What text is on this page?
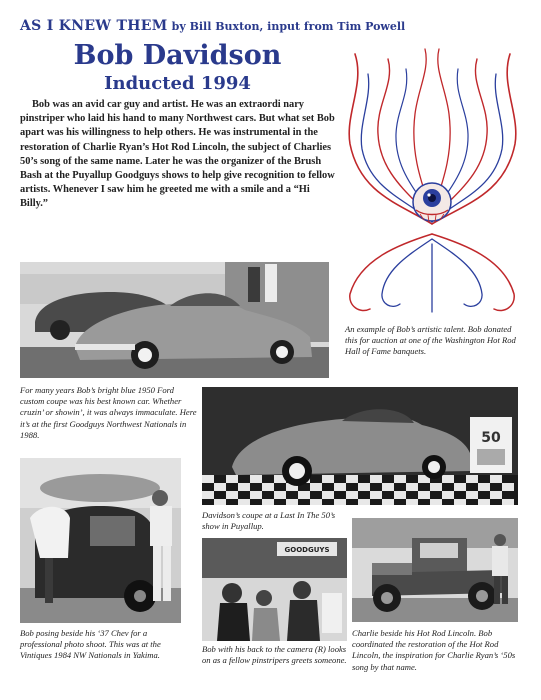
AS I KNEW THEM by Bill Buxton, input from Tim Powell
Bob Davidson
Inducted 1994
Bob was an avid car guy and artist. He was an extraordi nary pinstriper who laid his hand to many Northwest cars. But what set Bob apart was his willingness to help others. He was instrumental in the restoration of Charlie Ryan’s Hot Rod Lincoln, the subject of Charlies 50’s song of the same name. Later he was the organizer of the Brush Bash at the Puyallup Goodguys shows to help give recognition to fellow artists. Whenever I saw him he greeted me with a smile and a “Hi Billy.”
An example of Bob’s artistic talent. Bob donated this for auction at one of the Washington Hot Rod Hall of Fame banquets.
For many years Bob’s bright blue 1950 Ford custom coupe was his best known car. Whether cruzin’ or showin’, it was always immaculate. Here it’s at the first Goodguys Northwest Nationals in 1988.	50
Davidson’s coupe at a Last In The 50’s show in Puyallup.
Bob posing beside his ‘37 Chev for a professional photo shoot. This was at the Vintiques 1984 NW Nationals in Yakima.
GOODGUYS
Bob with his back to the camera (R) looks on as a fellow pinstripers greets someone.
Charlie beside his Hot Rod Lincoln. Bob coordinated the restoration of the Hot Rod Lincoln, the inspiration for Charlie Ryan’s ‘50s song by that name.
